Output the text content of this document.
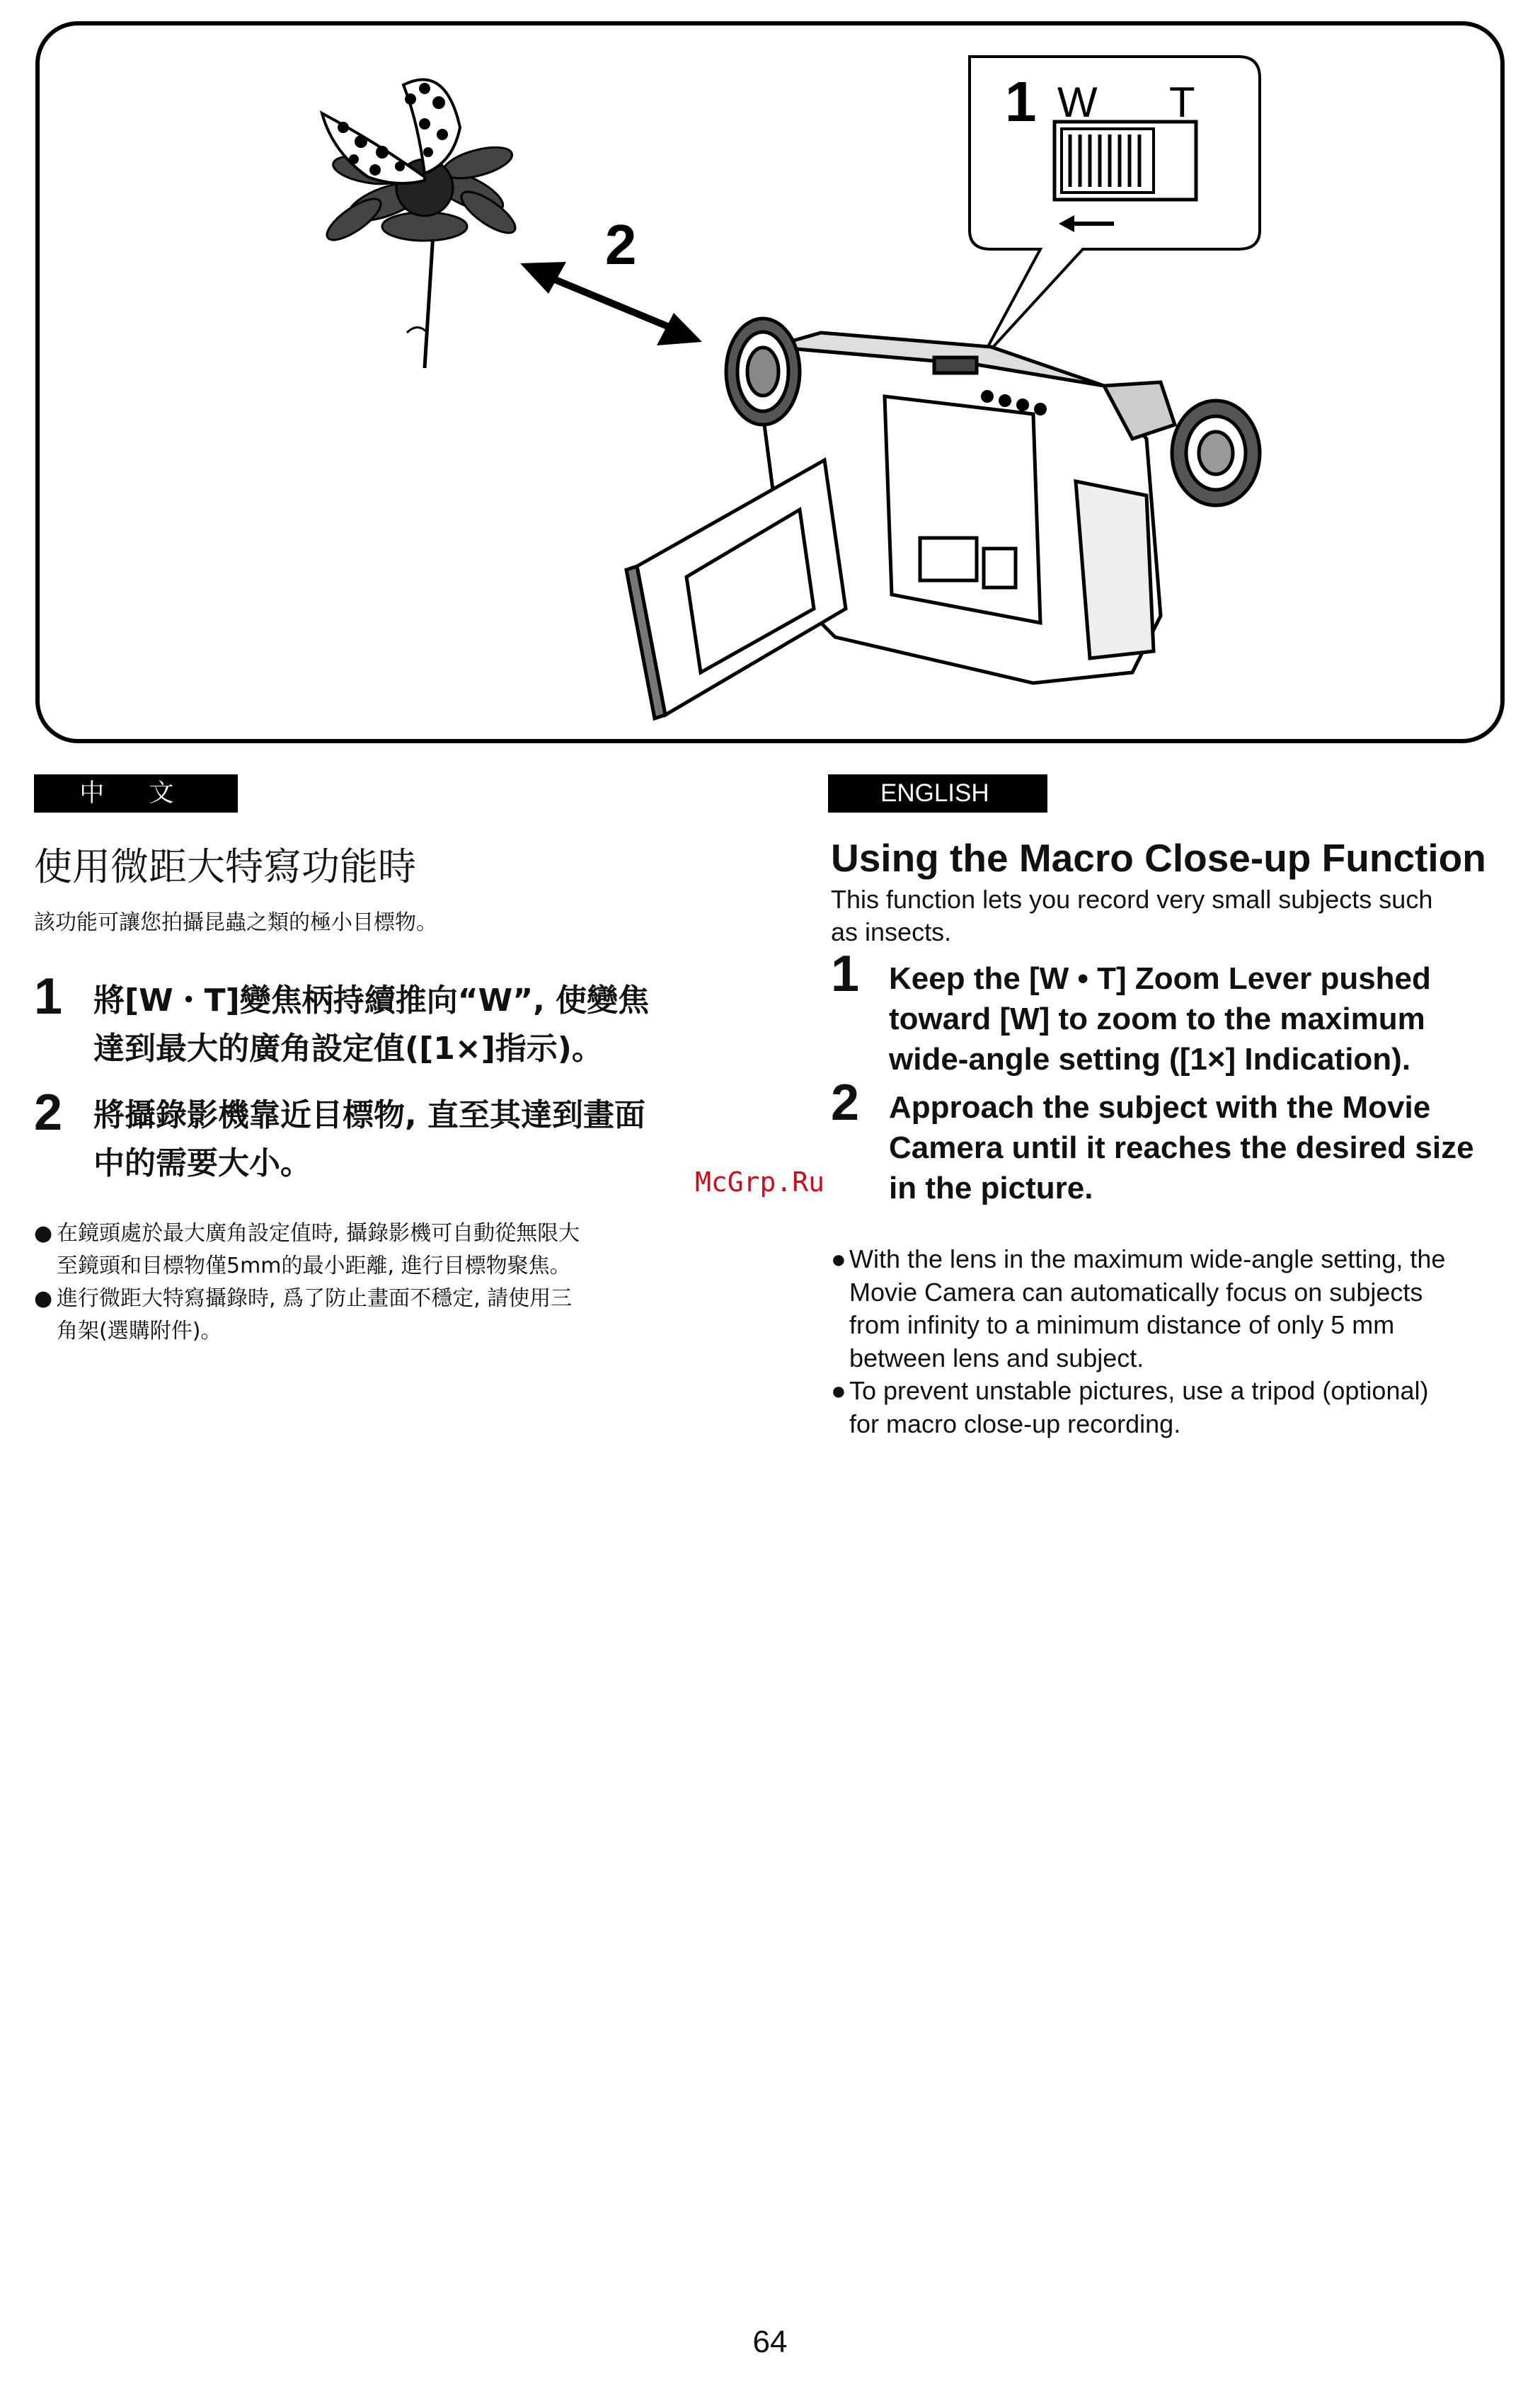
1 W T
2
中 文
使用微距大特寫功能時
該功能可讓您拍攝昆蟲之類的極小目標物。
1 將[W・T]變焦柄持續推向“W”, 使變焦
達到最大的廣角設定值([1×]指示)。
2 將攝錄影機靠近目標物, 直至其達到畫面
中的需要大小。
● 在鏡頭處於最大廣角設定值時, 攝錄影機可自動從無限大
至鏡頭和目標物僅5mm的最小距離, 進行目標物聚焦。
● 進行微距大特寫攝錄時, 爲了防止畫面不穩定, 請使用三
角架(選購附件)。
McGrp.Ru
ENGLISH
Using the Macro Close-up Function
This function lets you record very small subjects such
as insects.
1 Keep the [W • T] Zoom Lever pushed
toward [W] to zoom to the maximum
wide-angle setting ([1×] Indication).
2 Approach the subject with the Movie
Camera until it reaches the desired size
in the picture.
● With the lens in the maximum wide-angle setting, the
Movie Camera can automatically focus on subjects
from infinity to a minimum distance of only 5 mm
between lens and subject.
● To prevent unstable pictures, use a tripod (optional)
for macro close-up recording.
64
